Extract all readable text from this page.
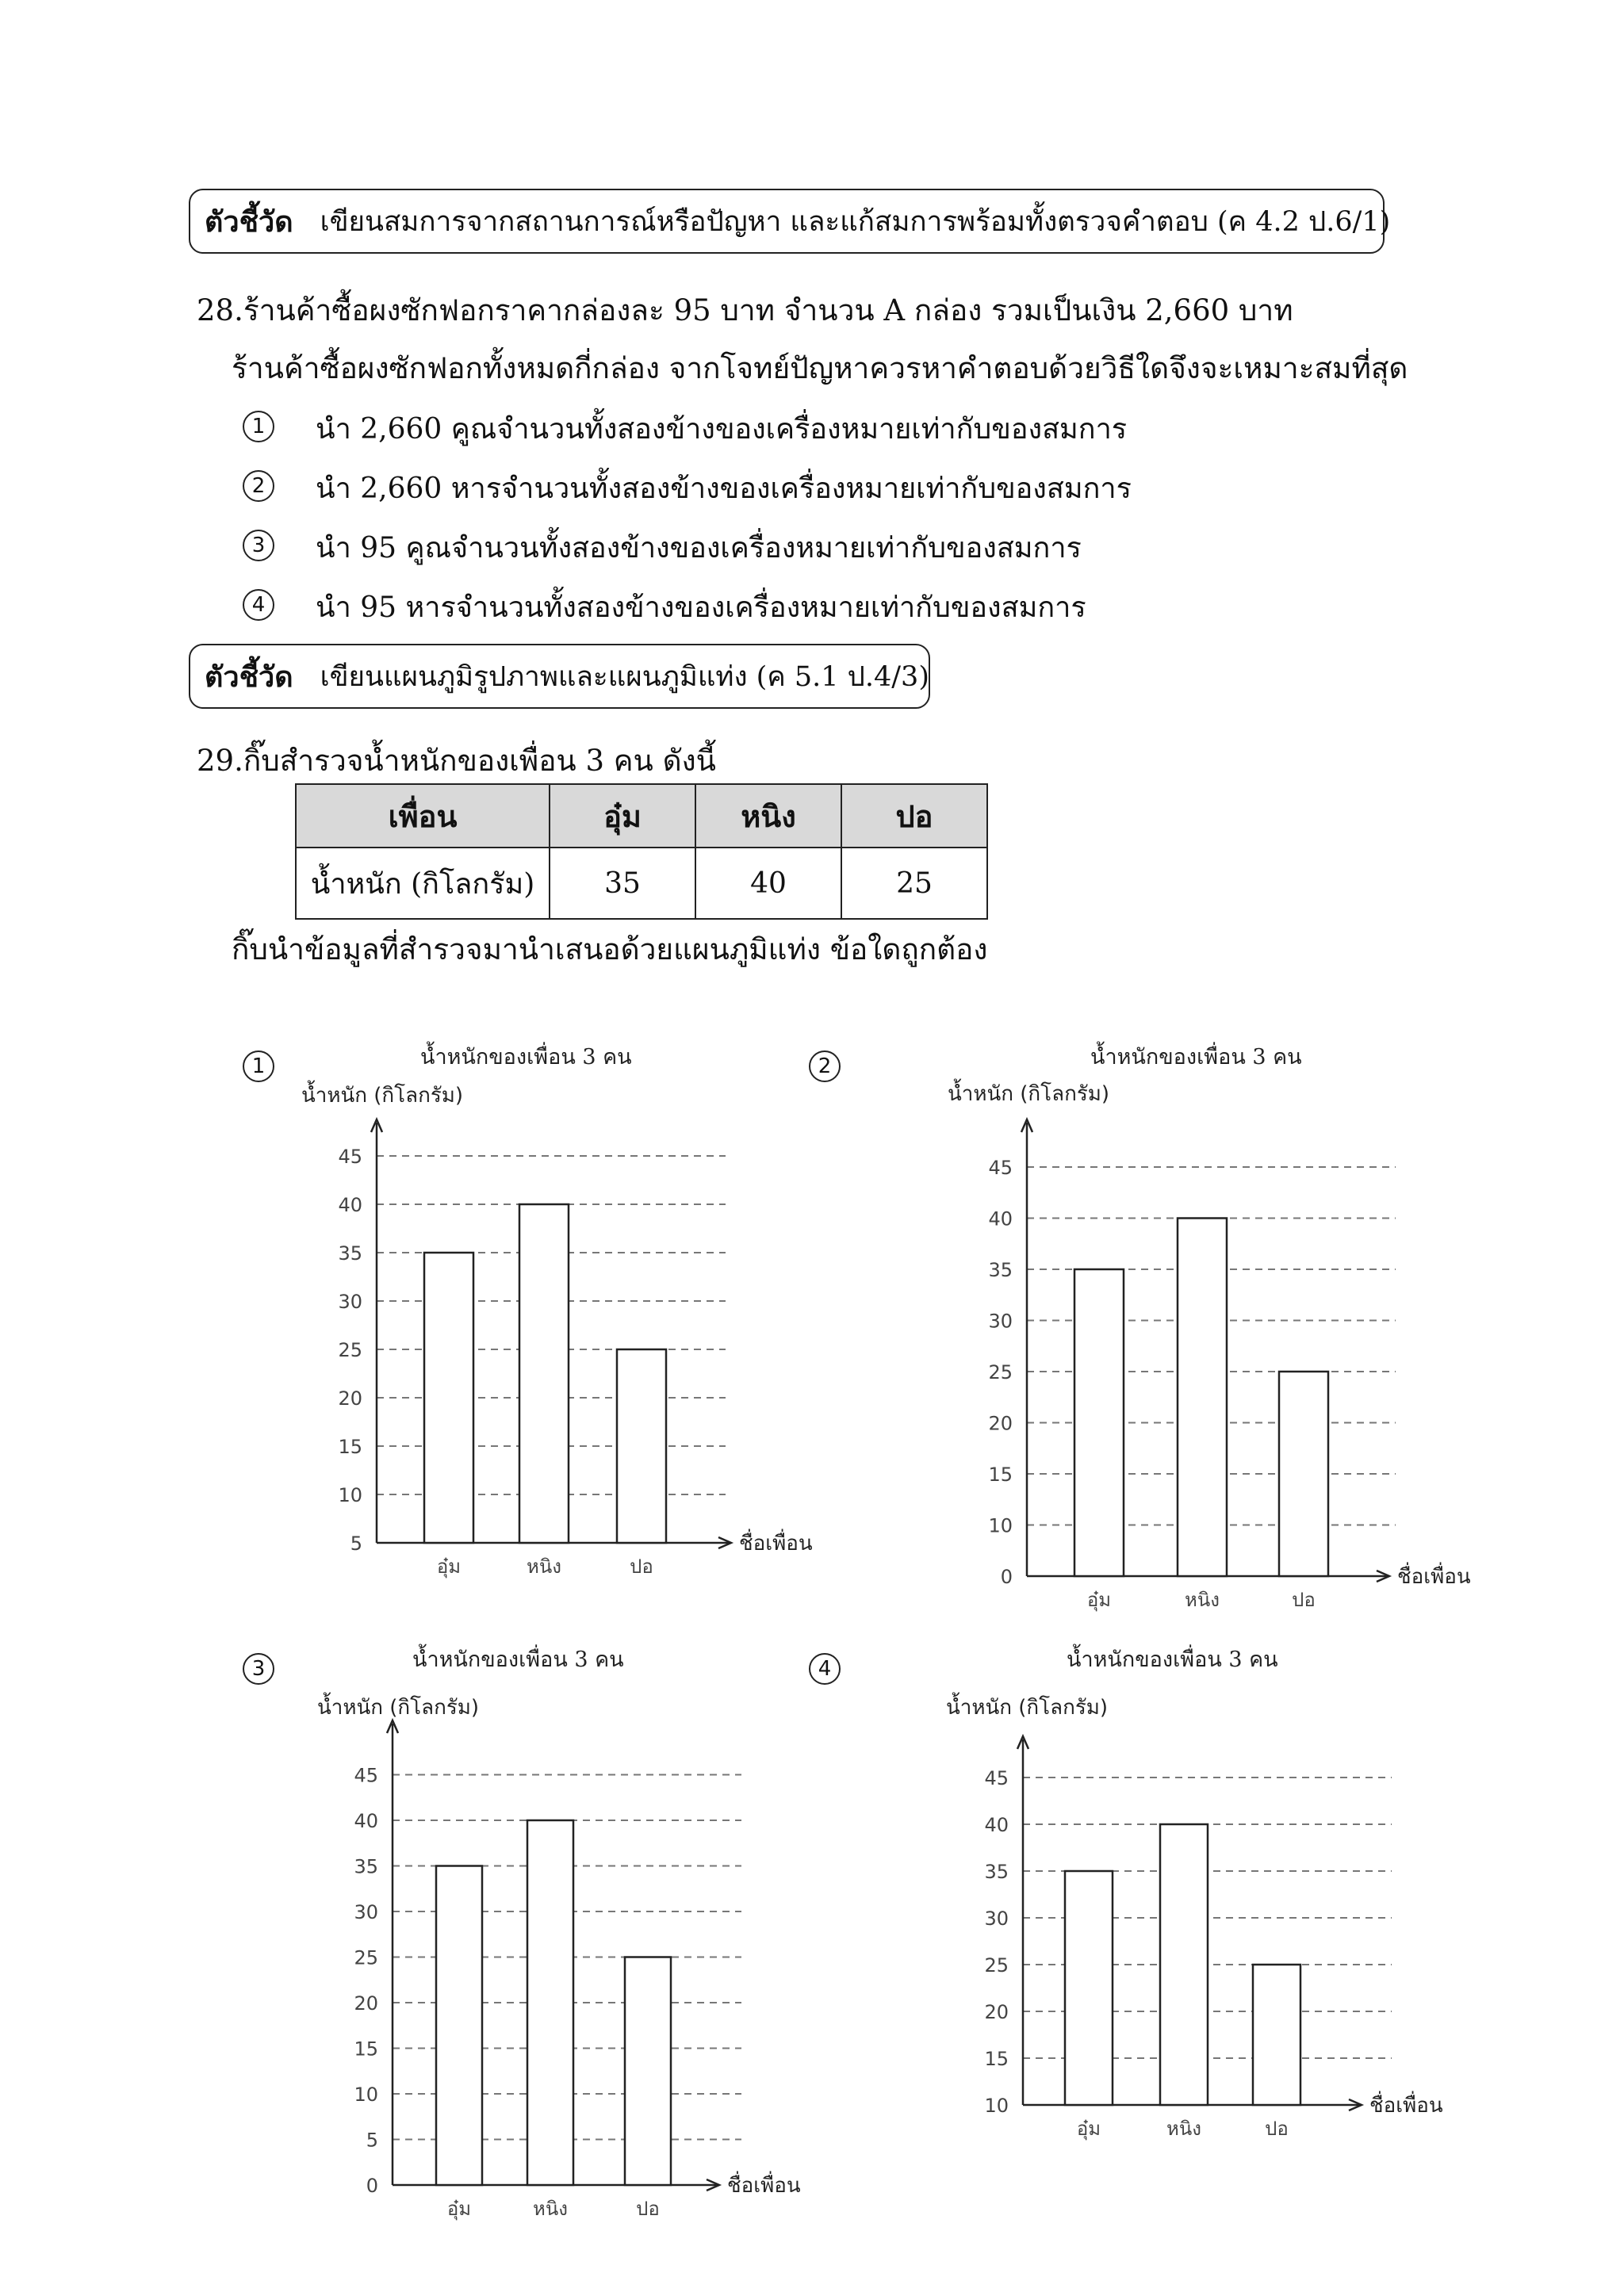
ตัวชี้วัด เขียนสมการจากสถานการณ์หรือปัญหา และแก้สมการพร้อมทั้งตรวจคำตอบ (ค 4.2 ป.6/1)
28.ร้านค้าซื้อผงซักฟอกราคากล่องละ 95 บาท จำนวน A กล่อง รวมเป็นเงิน 2,660 บาท
ร้านค้าซื้อผงซักฟอกทั้งหมดกี่กล่อง จากโจทย์ปัญหาควรหาคำตอบด้วยวิธีใดจึงจะเหมาะสมที่สุด
1	นำ 2,660 คูณจำนวนทั้งสองข้างของเครื่องหมายเท่ากับของสมการ
2	นำ 2,660 หารจำนวนทั้งสองข้างของเครื่องหมายเท่ากับของสมการ
3	นำ 95 คูณจำนวนทั้งสองข้างของเครื่องหมายเท่ากับของสมการ
4	นำ 95 หารจำนวนทั้งสองข้างของเครื่องหมายเท่ากับของสมการ
ตัวชี้วัด เขียนแผนภูมิรูปภาพและแผนภูมิแท่ง (ค 5.1 ป.4/3)
29.กิ๊บสำรวจน้ำหนักของเพื่อน 3 คน ดังนี้
เพื่อน	อุ๋ม	หนิง	ปอ
น้ำหนัก (กิโลกรัม)	35	40	25
กิ๊บนำข้อมูลที่สำรวจมานำเสนอด้วยแผนภูมิแท่ง ข้อใดถูกต้อง
1	2
3	4
น้ำหนักของเพื่อน 3 คน
น้ำหนัก (กิโลกรัม)
5
10
15
20
25
30
35
40
45
ชื่อเพื่อน
อุ๋ม	หนิง	ปอ
น้ำหนักของเพื่อน 3 คน
น้ำหนัก (กิโลกรัม)
0
10
15
20
25
30
35
40
45
ชื่อเพื่อน
อุ๋ม	หนิง	ปอ
น้ำหนักของเพื่อน 3 คน
น้ำหนัก (กิโลกรัม)
0
5
10
15
20
25
30
35
40
45
ชื่อเพื่อน
อุ๋ม	หนิง	ปอ
น้ำหนักของเพื่อน 3 คน
น้ำหนัก (กิโลกรัม)
10
15
20
25
30
35
40
45
ชื่อเพื่อน
อุ๋ม	หนิง	ปอ
